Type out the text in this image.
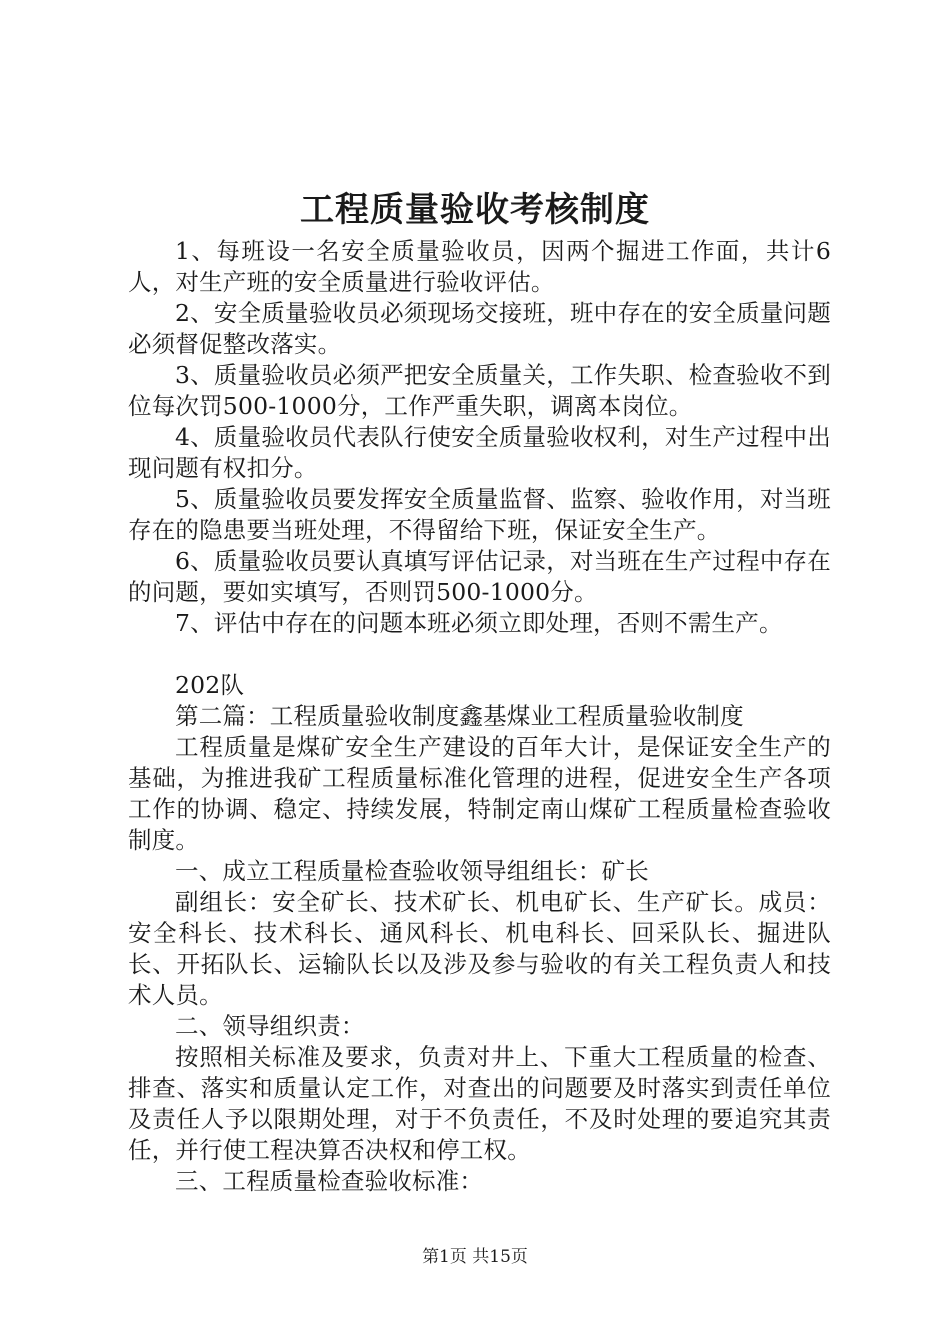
工程质量验收考核制度

1、每班设一名安全质量验收员，因两个掘进工作面，共计6人，对生产班的安全质量进行验收评估。

2、安全质量验收员必须现场交接班，班中存在的安全质量问题必须督促整改落实。

3、质量验收员必须严把安全质量关，工作失职、检查验收不到位每次罚500-1000分，工作严重失职，调离本岗位。

4、质量验收员代表队行使安全质量验收权利，对生产过程中出现问题有权扣分。

5、质量验收员要发挥安全质量监督、监察、验收作用，对当班存在的隐患要当班处理，不得留给下班，保证安全生产。

6、质量验收员要认真填写评估记录，对当班在生产过程中存在的问题，要如实填写，否则罚500-1000分。

7、评估中存在的问题本班必须立即处理，否则不需生产。

202队

第二篇：工程质量验收制度鑫基煤业工程质量验收制度

工程质量是煤矿安全生产建设的百年大计，是保证安全生产的基础，为推进我矿工程质量标准化管理的进程，促进安全生产各项工作的协调、稳定、持续发展，特制定南山煤矿工程质量检查验收制度。

一、成立工程质量检查验收领导组组长：矿长

副组长：安全矿长、技术矿长、机电矿长、生产矿长。成员：安全科长、技术科长、通风科长、机电科长、回采队长、掘进队长、开拓队长、运输队长以及涉及参与验收的有关工程负责人和技术人员。

二、领导组织责：

按照相关标准及要求，负责对井上、下重大工程质量的检查、排查、落实和质量认定工作，对查出的问题要及时落实到责任单位及责任人予以限期处理，对于不负责任，不及时处理的要追究其责任，并行使工程决算否决权和停工权。

三、工程质量检查验收标准：

第1页 共15页
